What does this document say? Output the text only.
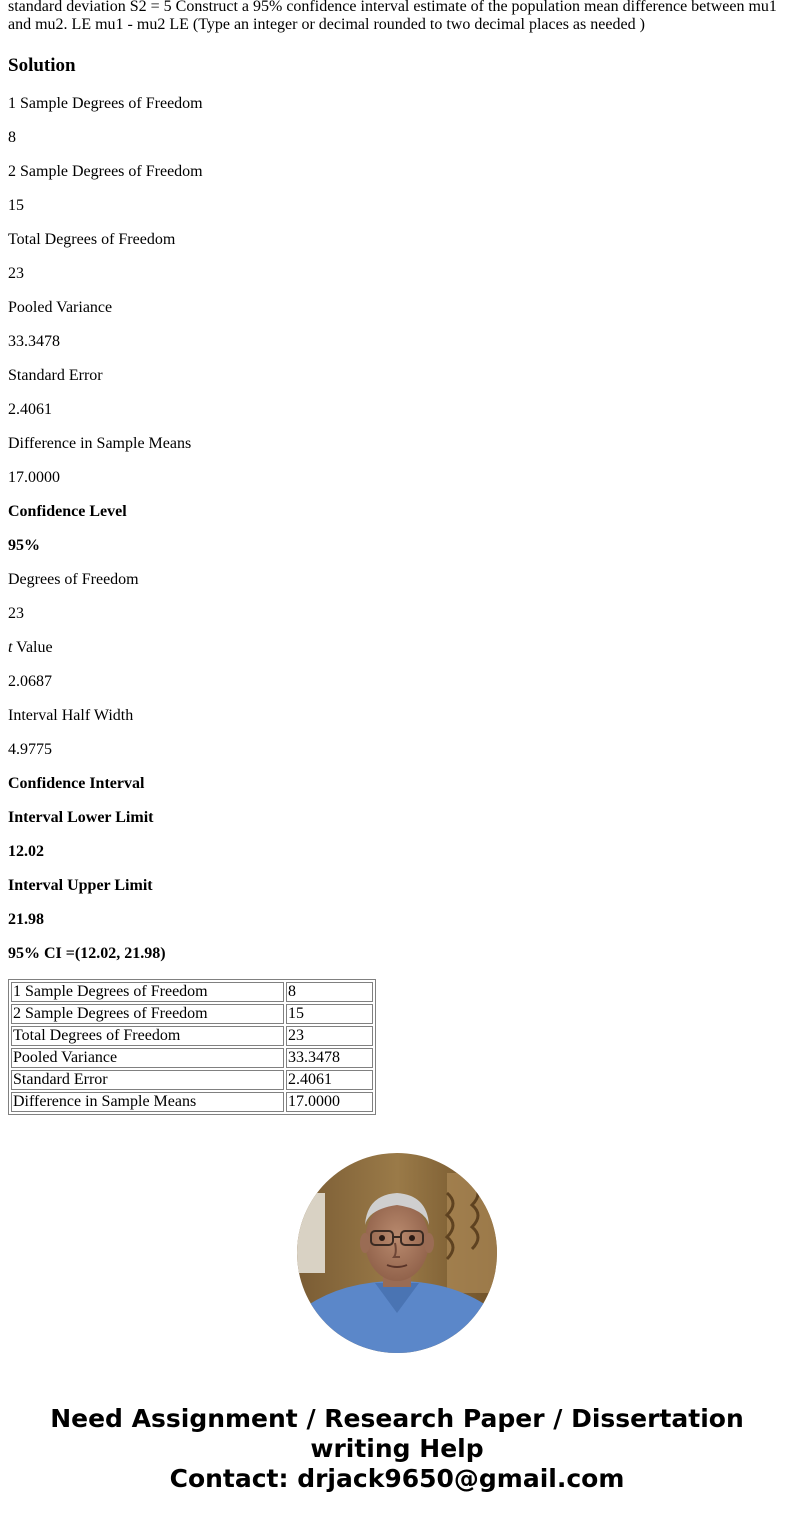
standard deviation S2 = 5 Construct a 95% confidence interval estimate of the population mean difference between mu1 and mu2. LE mu1 - mu2 LE (Type an integer or decimal rounded to two decimal places as needed )

Solution

1 Sample Degrees of Freedom

8

2 Sample Degrees of Freedom

15

Total Degrees of Freedom

23

Pooled Variance

33.3478

Standard Error

2.4061

Difference in Sample Means

17.0000

Confidence Level

95%

Degrees of Freedom

23

t Value

2.0687

Interval Half Width

4.9775

Confidence Interval

Interval Lower Limit

12.02

Interval Upper Limit

21.98

95% CI =(12.02, 21.98)

1 Sample Degrees of Freedom	8
2 Sample Degrees of Freedom	15
Total Degrees of Freedom	23
Pooled Variance	33.3478
Standard Error	2.4061
Difference in Sample Means	17.0000
Need Assignment / Research Paper / Dissertation
writing Help
Contact: drjack9650@gmail.com
